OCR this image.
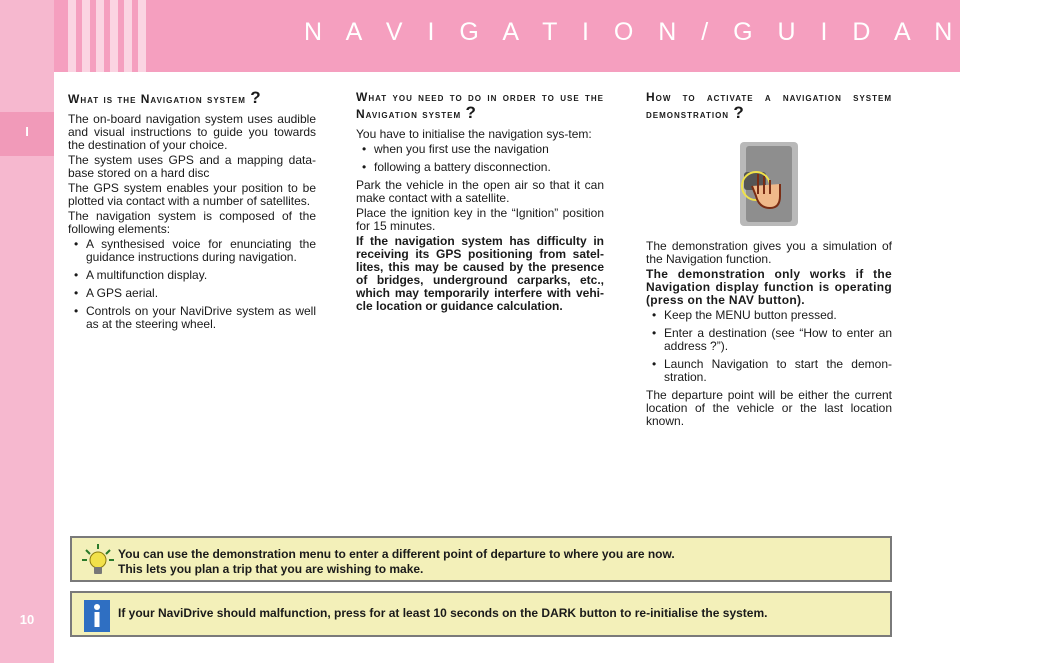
I
10
N A V I G A T I O N / G U I D A N C E
What is the Navigation system ?

The on-board navigation system uses audible and visual instructions to guide you towards the destination of your choice.

The system uses GPS and a mapping data-base stored on a hard disc

The GPS system enables your position to be plotted via contact with a number of satellites.

The navigation system is composed of the following elements:

• A synthesised voice for enunciating the guidance instructions during navigation.
• A multifunction display.
• A GPS aerial.
• Controls on your NaviDrive system as well as at the steering wheel.
What you need to do in order to use the Navigation system ?

You have to initialise the navigation sys-tem:

• when you first use the navigation
• following a battery disconnection.

Park the vehicle in the open air so that it can make contact with a satellite.

Place the ignition key in the “Ignition” position for 15 minutes.

If the navigation system has difficulty in receiving its GPS positioning from satel-lites, this may be caused by the presence of bridges, underground carparks, etc., which may temporarily interfere with vehi-cle location or guidance calculation.

How to activate a navigation system demonstration ?

The demonstration gives you a simulation of the Navigation function.

The demonstration only works if the Navigation display function is operating (press on the NAV button).

• Keep the MENU button pressed.
• Enter a destination (see “How to enter an address ?”).
• Launch Navigation to start the demon-stration.

The departure point will be either the current location of the vehicle or the last location known.

You can use the demonstration menu to enter a different point of departure to where you are now.
This lets you plan a trip that you are wishing to make.
If your NaviDrive should malfunction, press for at least 10 seconds on the DARK button to re-initialise the system.
